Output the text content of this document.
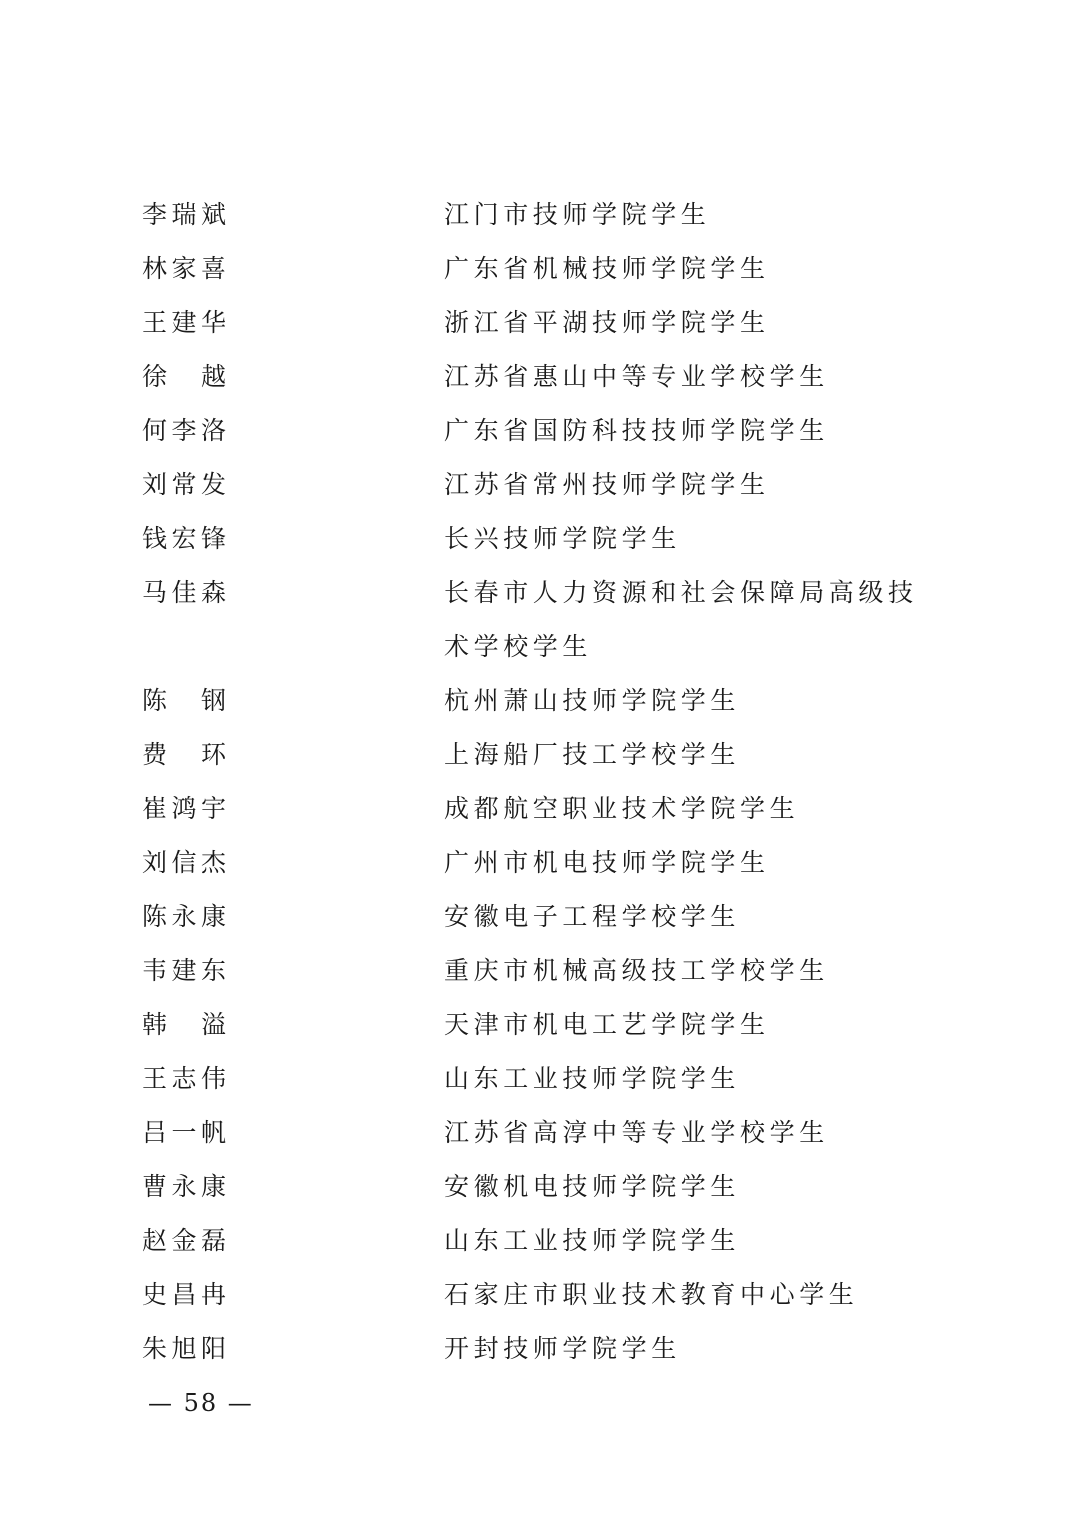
李瑞斌	江门市技师学院学生
林家喜	广东省机械技师学院学生
王建华	浙江省平湖技师学院学生
徐　越	江苏省惠山中等专业学校学生
何李洛	广东省国防科技技师学院学生
刘常发	江苏省常州技师学院学生
钱宏锋	长兴技师学院学生
马佳森	长春市人力资源和社会保障局高级技术学校学生
陈　钢	杭州萧山技师学院学生
费　环	上海船厂技工学校学生
崔鸿宇	成都航空职业技术学院学生
刘信杰	广州市机电技师学院学生
陈永康	安徽电子工程学校学生
韦建东	重庆市机械高级技工学校学生
韩　溢	天津市机电工艺学院学生
王志伟	山东工业技师学院学生
吕一帆	江苏省高淳中等专业学校学生
曹永康	安徽机电技师学院学生
赵金磊	山东工业技师学院学生
史昌冉	石家庄市职业技术教育中心学生
朱旭阳	开封技师学院学生
— 58 —
